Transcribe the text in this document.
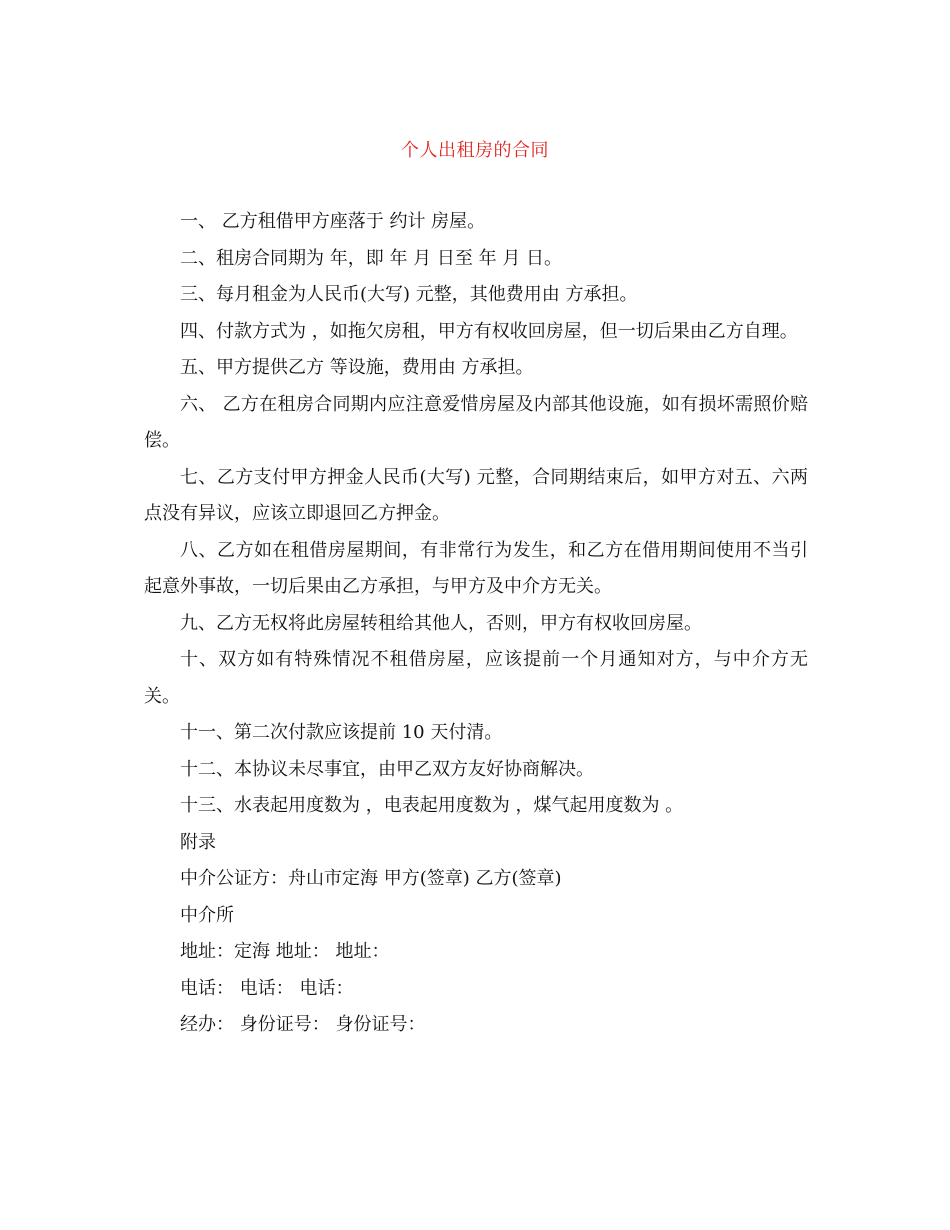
个人出租房的合同

一、 乙方租借甲方座落于 约计 房屋。

二、租房合同期为 年，即 年 月 日至 年 月 日。

三、每月租金为人民币(大写) 元整，其他费用由 方承担。

四、付款方式为 ，如拖欠房租，甲方有权收回房屋，但一切后果由乙方自理。

五、甲方提供乙方 等设施，费用由 方承担。

六、 乙方在租房合同期内应注意爱惜房屋及内部其他设施，如有损坏需照价赔偿。

七、乙方支付甲方押金人民币(大写) 元整，合同期结束后，如甲方对五、六两点没有异议，应该立即退回乙方押金。

八、乙方如在租借房屋期间，有非常行为发生，和乙方在借用期间使用不当引起意外事故，一切后果由乙方承担，与甲方及中介方无关。

九、乙方无权将此房屋转租给其他人，否则，甲方有权收回房屋。

十、双方如有特殊情况不租借房屋，应该提前一个月通知对方，与中介方无关。

十一、第二次付款应该提前 10 天付清。

十二、本协议未尽事宜，由甲乙双方友好协商解决。

十三、水表起用度数为 ，电表起用度数为 ，煤气起用度数为 。

附录

中介公证方：舟山市定海 甲方(签章) 乙方(签章)

中介所

地址：定海 地址： 地址：

电话： 电话： 电话：

经办： 身份证号： 身份证号：
